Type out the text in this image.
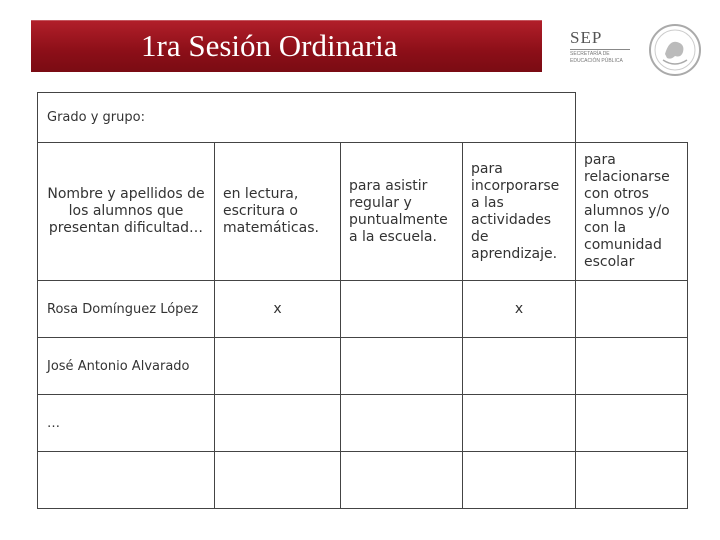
1ra Sesión Ordinaria	SEP
SECRETARÍA DE
EDUCACIÓN PÚBLICA
Grado y grupo:				
Nombre y apellidos de los alumnos que presentan dificultad…	en lectura, escritura o matemáticas.	para asistir regular y puntualmente a la escuela.	para incorporarse a las actividades de aprendizaje.	para relacionarse con otros alumnos y/o con la comunidad escolar
Rosa Domínguez López	x		x	
José Antonio Alvarado				
…				
